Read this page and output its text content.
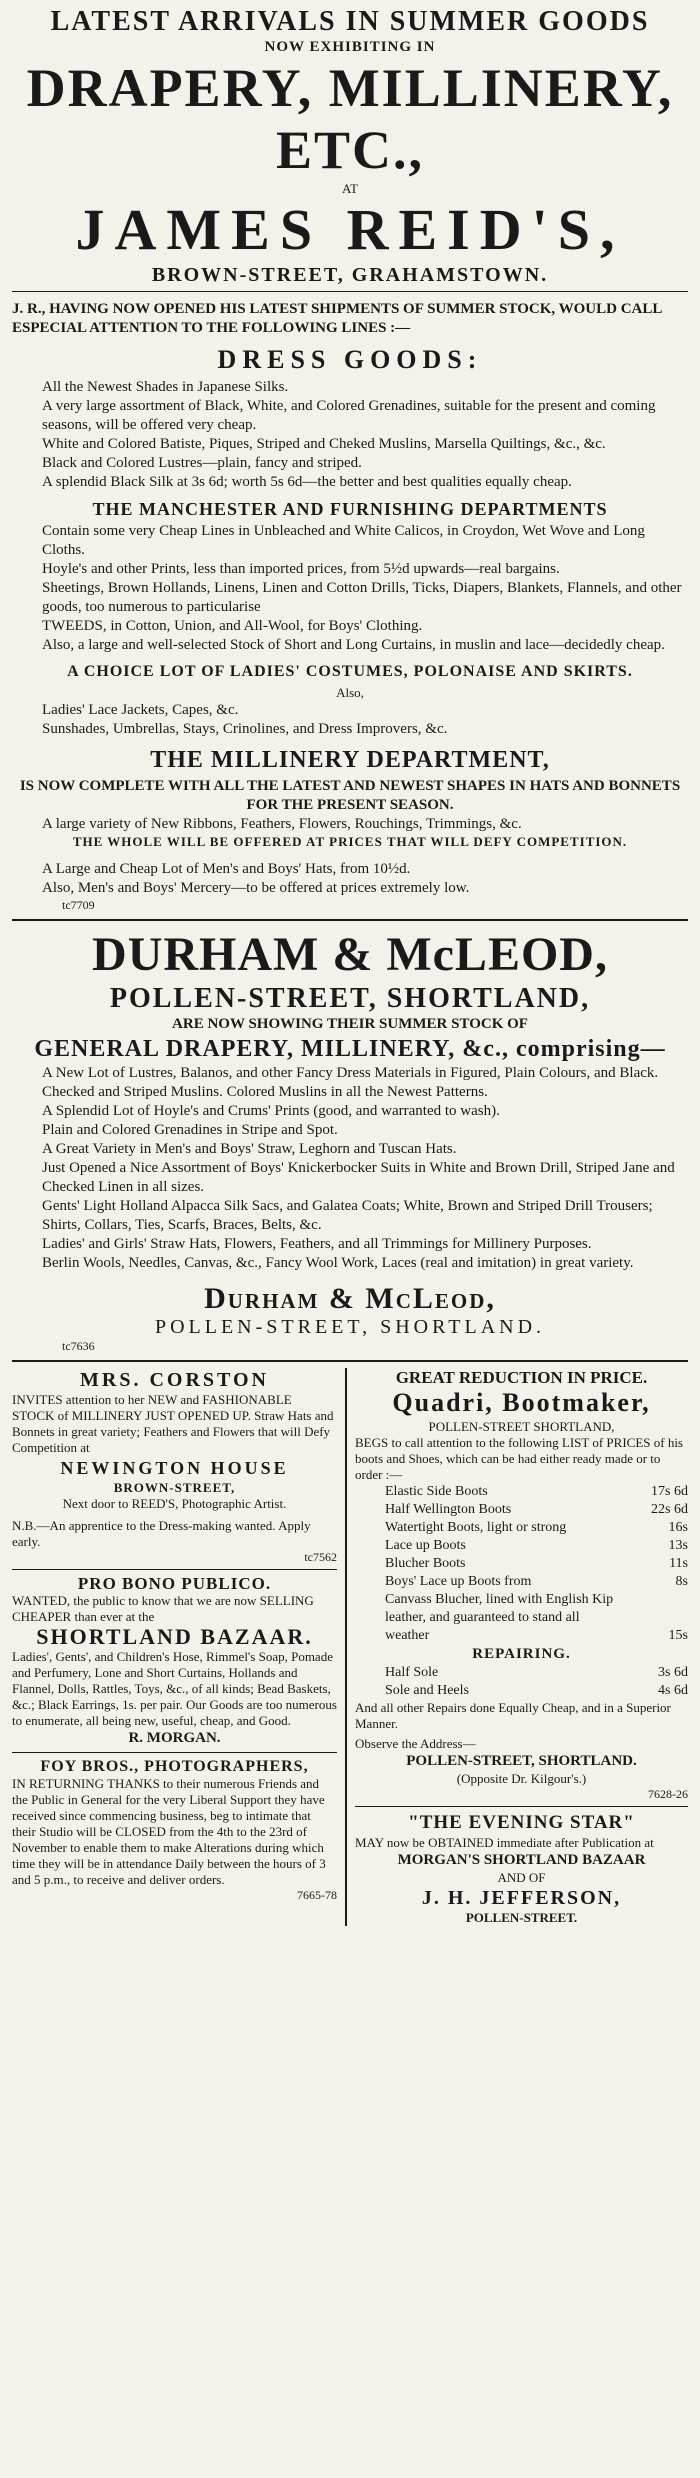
LATEST ARRIVALS IN SUMMER GOODS

NOW EXHIBITING IN

DRAPERY, MILLINERY, ETC.,

AT

JAMES REID'S,

BROWN-STREET, GRAHAMSTOWN.

J. R., HAVING NOW OPENED HIS LATEST SHIPMENTS OF SUMMER STOCK, WOULD CALL ESPECIAL ATTENTION TO THE FOLLOWING LINES :—

DRESS GOODS:

All the Newest Shades in Japanese Silks.

A very large assortment of Black, White, and Colored Grenadines, suitable for the present and coming seasons, will be offered very cheap.

White and Colored Batiste, Piques, Striped and Cheked Muslins, Marsella Quiltings, &c., &c.

Black and Colored Lustres—plain, fancy and striped.

A splendid Black Silk at 3s 6d; worth 5s 6d—the better and best qualities equally cheap.

THE MANCHESTER AND FURNISHING DEPARTMENTS

Contain some very Cheap Lines in Unbleached and White Calicos, in Croydon, Wet Wove and Long Cloths.

Hoyle's and other Prints, less than imported prices, from 5½d upwards—real bargains.

Sheetings, Brown Hollands, Linens, Linen and Cotton Drills, Ticks, Diapers, Blankets, Flannels, and other goods, too numerous to particularise

TWEEDS, in Cotton, Union, and All-Wool, for Boys' Clothing.

Also, a large and well-selected Stock of Short and Long Curtains, in muslin and lace—decidedly cheap.

A CHOICE LOT OF LADIES' COSTUMES, POLONAISE AND SKIRTS.

Also,

Ladies' Lace Jackets, Capes, &c.

Sunshades, Umbrellas, Stays, Crinolines, and Dress Improvers, &c.

THE MILLINERY DEPARTMENT,

IS NOW COMPLETE WITH ALL THE LATEST AND NEWEST SHAPES IN HATS AND BONNETS FOR THE PRESENT SEASON.

A large variety of New Ribbons, Feathers, Flowers, Rouchings, Trimmings, &c.

THE WHOLE WILL BE OFFERED AT PRICES THAT WILL DEFY COMPETITION.

A Large and Cheap Lot of Men's and Boys' Hats, from 10½d.

Also, Men's and Boys' Mercery—to be offered at prices extremely low.

tc7709

DURHAM & McLEOD,

POLLEN-STREET, SHORTLAND,

ARE NOW SHOWING THEIR SUMMER STOCK OF

GENERAL DRAPERY, MILLINERY, &c., comprising—

A New Lot of Lustres, Balanos, and other Fancy Dress Materials in Figured, Plain Colours, and Black.

Checked and Striped Muslins. Colored Muslins in all the Newest Patterns.

A Splendid Lot of Hoyle's and Crums' Prints (good, and warranted to wash).

Plain and Colored Grenadines in Stripe and Spot.

A Great Variety in Men's and Boys' Straw, Leghorn and Tuscan Hats.

Just Opened a Nice Assortment of Boys' Knickerbocker Suits in White and Brown Drill, Striped Jane and Checked Linen in all sizes.

Gents' Light Holland Alpacca Silk Sacs, and Galatea Coats; White, Brown and Striped Drill Trousers; Shirts, Collars, Ties, Scarfs, Braces, Belts, &c.

Ladies' and Girls' Straw Hats, Flowers, Feathers, and all Trimmings for Millinery Purposes.

Berlin Wools, Needles, Canvas, &c., Fancy Wool Work, Laces (real and imitation) in great variety.

Durham & McLeod,

POLLEN-STREET, SHORTLAND.

tc7636

MRS. CORSTON

INVITES attention to her NEW and FASHIONABLE STOCK of MILLINERY JUST OPENED UP. Straw Hats and Bonnets in great variety; Feathers and Flowers that will Defy Competition at

NEWINGTON HOUSE

BROWN-STREET,

Next door to REED'S, Photographic Artist.

N.B.—An apprentice to the Dress-making wanted. Apply early.

tc7562

PRO BONO PUBLICO.

WANTED, the public to know that we are now SELLING CHEAPER than ever at the

SHORTLAND BAZAAR.

Ladies', Gents', and Children's Hose, Rimmel's Soap, Pomade and Perfumery, Lone and Short Curtains, Hollands and Flannel, Dolls, Rattles, Toys, &c., of all kinds; Bead Baskets, &c.; Black Earrings, 1s. per pair. Our Goods are too numerous to enumerate, all being new, useful, cheap, and Good.

R. MORGAN.

FOY BROS., PHOTOGRAPHERS,

IN RETURNING THANKS to their numerous Friends and the Public in General for the very Liberal Support they have received since commencing business, beg to intimate that their Studio will be CLOSED from the 4th to the 23rd of November to enable them to make Alterations during which time they will be in attendance Daily between the hours of 3 and 5 p.m., to receive and deliver orders.

7665-78

GREAT REDUCTION IN PRICE.

Quadri, Bootmaker,

POLLEN-STREET SHORTLAND,

BEGS to call attention to the following LIST of PRICES of his boots and Shoes, which can be had either ready made or to order :—

Elastic Side Boots	17s 6d
Half Wellington Boots	22s 6d
Watertight Boots, light or strong	16s
Lace up Boots	13s
Blucher Boots	11s
Boys' Lace up Boots from	8s
Canvass Blucher, lined with English Kip leather, and guaranteed to stand all weather	15s

REPAIRING.

Half Sole	3s 6d
Sole and Heels	4s 6d

And all other Repairs done Equally Cheap, and in a Superior Manner.

Observe the Address—

POLLEN-STREET, SHORTLAND.

(Opposite Dr. Kilgour's.)

7628-26

"THE EVENING STAR"

MAY now be OBTAINED immediate after Publication at

MORGAN'S SHORTLAND BAZAAR

AND OF

J. H. JEFFERSON,

POLLEN-STREET.
